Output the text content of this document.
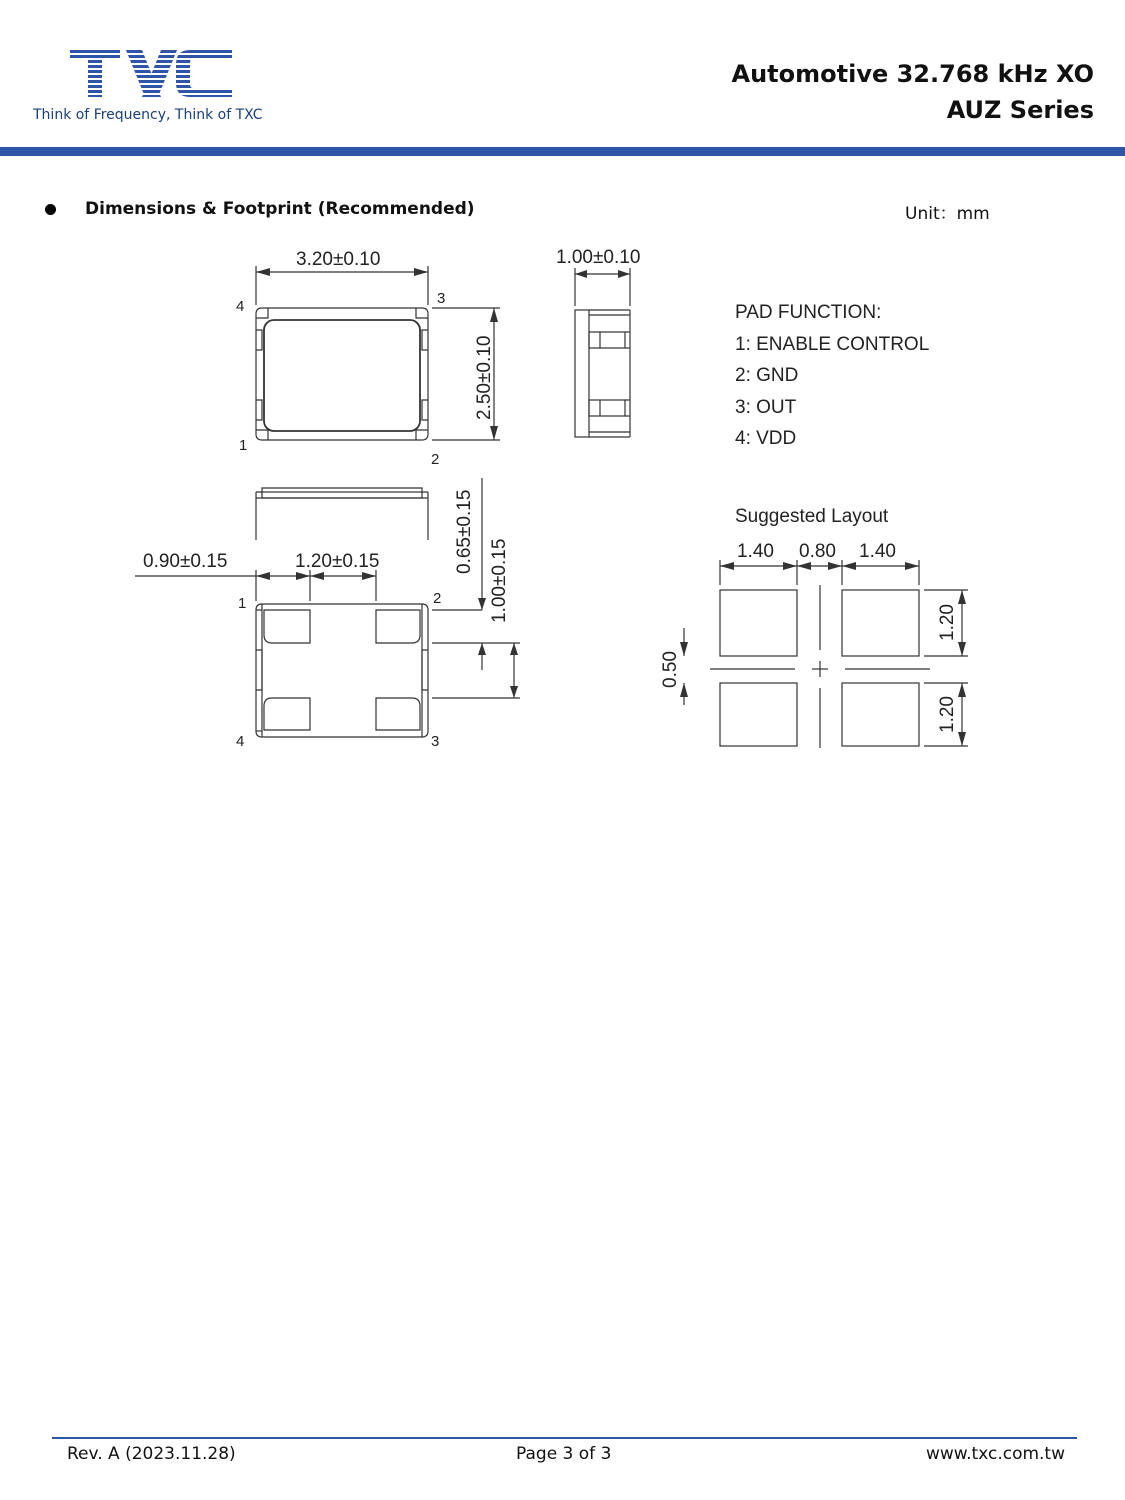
Think of Frequency, Think of TXC
Automotive 32.768 kHz XO
AUZ Series
Dimensions & Footprint (Recommended)	Unit：mm
3.20±0.10
2.50±0.10
1.00±0.10
0.90±0.15	1.20±0.15	0.65±0.15
1.00±0.15
4	3
1
2
1	2
4	3
1.40 0.80 1.40
1.20
1.20
0.50
PAD FUNCTION:
1: ENABLE CONTROL
2: GND
3: OUT
4: VDD
Suggested Layout
Rev. A (2023.11.28)	Page 3 of 3	www.txc.com.tw
